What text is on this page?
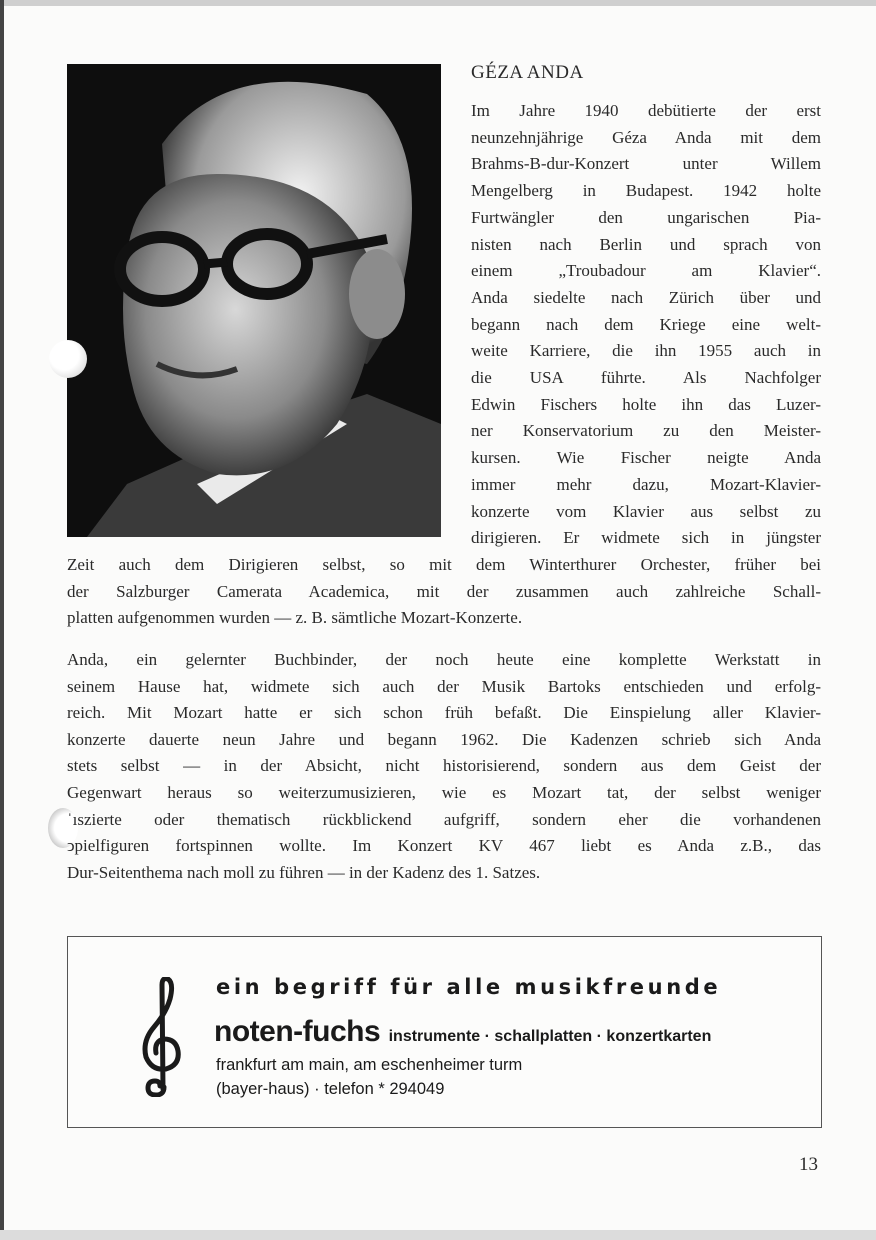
GÉZA ANDA
Im Jahre 1940 debütierte der erst
neunzehnjährige Géza Anda mit dem
Brahms-B-dur-Konzert unter Willem
Mengelberg in Budapest. 1942 holte
Furtwängler den ungarischen Pia-
nisten nach Berlin und sprach von
einem „Troubadour am Klavier“.
Anda siedelte nach Zürich über und
begann nach dem Kriege eine welt-
weite Karriere, die ihn 1955 auch in
die USA führte. Als Nachfolger
Edwin Fischers holte ihn das Luzer-
ner Konservatorium zu den Meister-
kursen. Wie Fischer neigte Anda
immer mehr dazu, Mozart-Klavier-
konzerte vom Klavier aus selbst zu
dirigieren. Er widmete sich in jüngster
Zeit auch dem Dirigieren selbst, so mit dem Winterthurer Orchester, früher bei
der Salzburger Camerata Academica, mit der zusammen auch zahlreiche Schall-
platten aufgenommen wurden — z. B. sämtliche Mozart-Konzerte.
Anda, ein gelernter Buchbinder, der noch heute eine komplette Werkstatt in
seinem Hause hat, widmete sich auch der Musik Bartoks entschieden und erfolg-
reich. Mit Mozart hatte er sich schon früh befaßt. Die Einspielung aller Klavier-
konzerte dauerte neun Jahre und begann 1962. Die Kadenzen schrieb sich Anda
stets selbst — in der Absicht, nicht historisierend, sondern aus dem Geist der
Gegenwart heraus so weiterzumusizieren, wie es Mozart tat, der selbst weniger
ˈıszierte oder thematisch rückblickend aufgriff, sondern eher die vorhandenen
ͻpielfiguren fortspinnen wollte. Im Konzert KV 467 liebt es Anda z.B., das
Dur-Seitenthema nach moll zu führen — in der Kadenz des 1. Satzes.
ein begriff für alle musikfreunde
noten-fuchs instrumente · schallplatten · konzertkarten
frankfurt am main, am eschenheimer turm
(bayer-haus) · telefon * 294049
13
